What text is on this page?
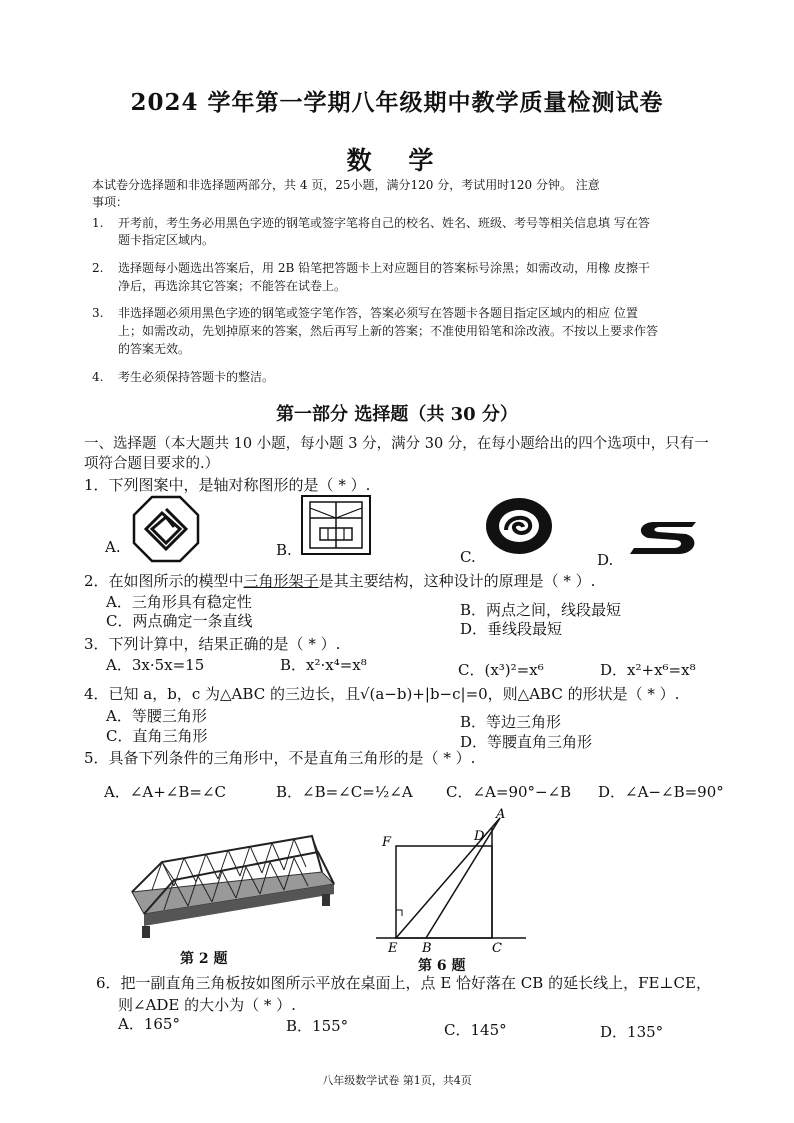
2024 学年第一学期八年级期中教学质量检测试卷
数 学
本试卷分选择题和非选择题两部分，共 4 页，25小题，满分120 分，考试用时120 分钟。 注意
事项：
1. 开考前，考生务必用黑色字迹的钢笔或签字笔将自己的校名、姓名、班级、考号等相关信息填 写在答
题卡指定区域内。
2. 选择题每小题选出答案后，用 2B 铅笔把答题卡上对应题目的答案标号涂黑；如需改动，用橡 皮擦干
净后，再选涂其它答案；不能答在试卷上。
3. 非选择题必须用黑色字迹的钢笔或签字笔作答，答案必须写在答题卡各题目指定区域内的相应 位置
上；如需改动，先划掉原来的答案，然后再写上新的答案；不准使用铅笔和涂改液。不按以上要求作答
的答案无效。
4. 考生必须保持答题卡的整洁。
第一部分 选择题（共 30 分）
一、选择题（本大题共 10 小题，每小题 3 分，满分 30 分，在每小题给出的四个选项中，只有一
项符合题目要求的.）
1．下列图案中，是轴对称图形的是（ * ）.
A.	B.	C.	D.
2．在如图所示的模型中三角形架子是其主要结构，这种设计的原理是（ * ）.
A．三角形具有稳定性	B．两点之间，线段最短
C．两点确定一条直线	D．垂线段最短
3．下列计算中，结果正确的是（ * ）.
A．3x·5x=15	B．x²·x⁴=x⁸	C．(x³)²=x⁶	D．x²+x⁶=x⁸
4．已知 a，b，c 为△ABC 的三边长，且√(a−b)+|b−c|=0，则△ABC 的形状是（ * ）.
A．等腰三角形	B．等边三角形
C．直角三角形	D．等腰直角三角形
5．具备下列条件的三角形中，不是直角三角形的是（ * ）.
A．∠A+∠B=∠C	B．∠B=∠C=½∠A C．∠A=90°−∠B D．∠A−∠B=90°
第 2 题
F	D
A
E B	C
第 6 题
6．把一副直角三角板按如图所示平放在桌面上，点 E 恰好落在 CB 的延长线上，FE⊥CE，
则∠ADE 的大小为（ * ）.
A．165°	B．155°	C．145°	D．135°
八年级数学试卷 第1页，共4页
